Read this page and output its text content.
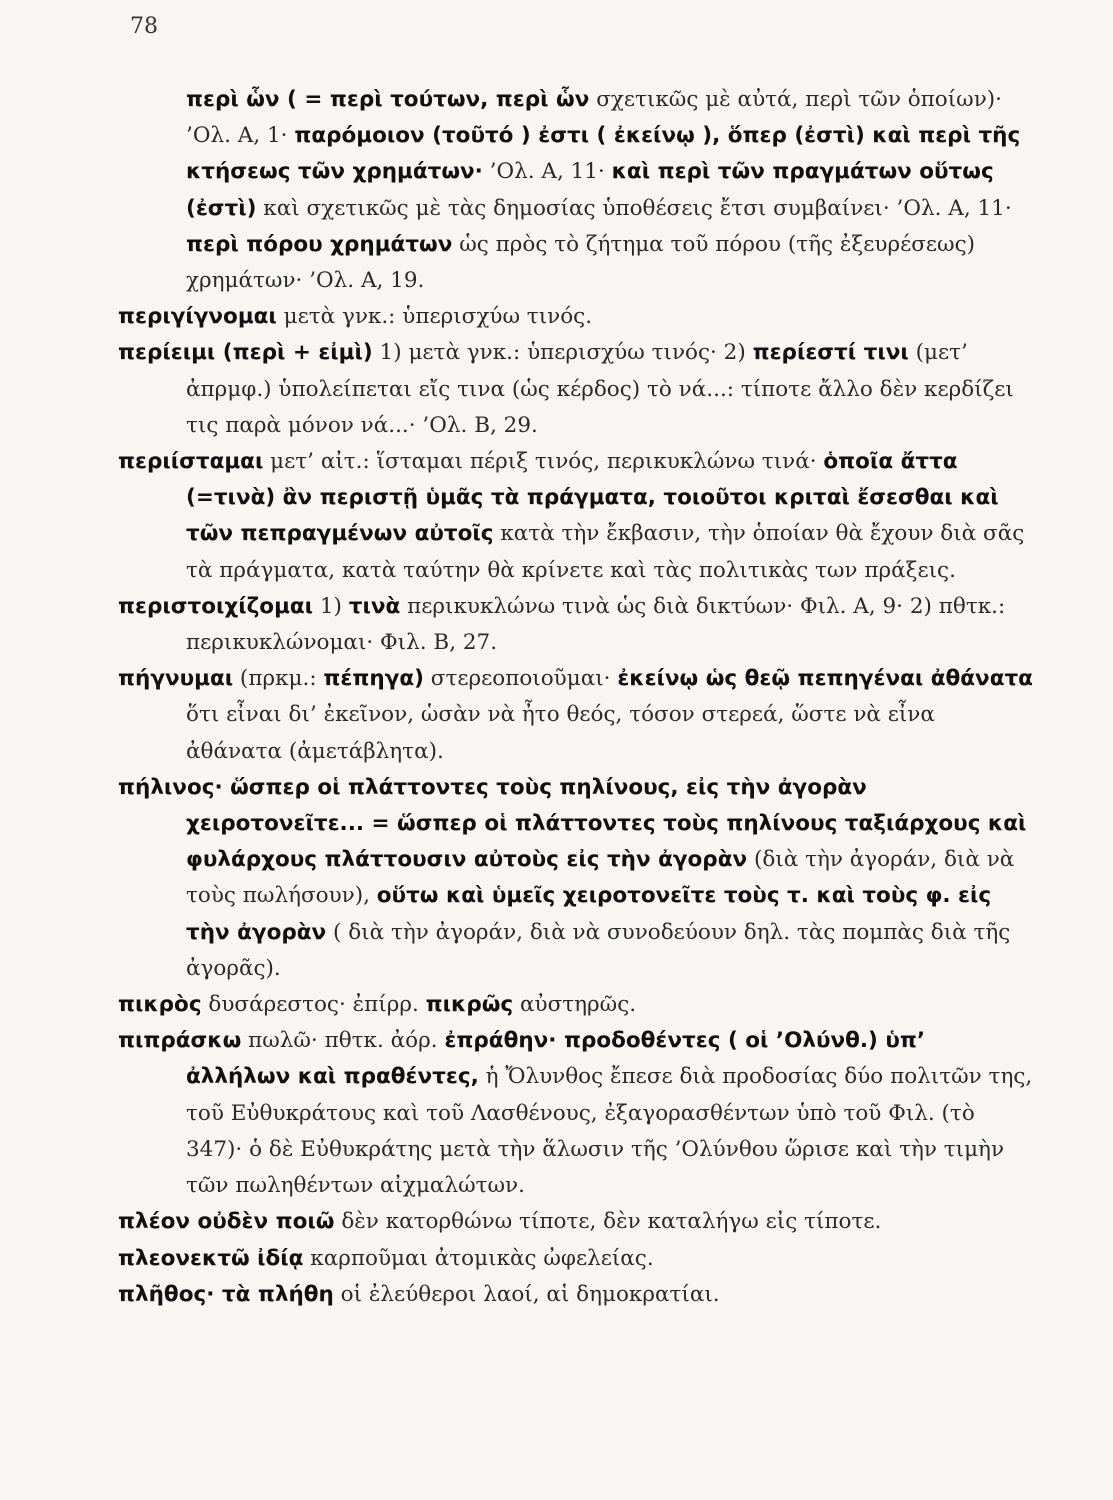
78
περὶ ὧν ( = περὶ τούτων, περὶ ὧν σχετικῶς μὲ αὐτά, περὶ τῶν ὁποίων)· ’Ολ. Α, 1· παρόμοιον (τοῦτό ) ἐστι ( ἐκείνῳ ), ὅπερ (ἐστὶ) καὶ περὶ τῆς κτήσεως τῶν χρημάτων· ’Ολ. Α, 11· καὶ περὶ τῶν πραγμάτων οὕτως (ἐστὶ) καὶ σχετικῶς μὲ τὰς δημοσίας ὑποθέσεις ἔτσι συμβαίνει· ’Ολ. Α, 11· περὶ πόρου χρημάτων ὡς πρὸς τὸ ζήτημα τοῦ πόρου (τῆς ἐξευρέσεως) χρημάτων· ’Ολ. Α, 19.
περιγίγνομαι μετὰ γνκ.: ὑπερισχύω τινός.
περίειμι (περὶ + εἰμὶ) 1) μετὰ γνκ.: ὑπερισχύω τινός· 2) περίεστί τινι (μετ’ ἀπρμφ.) ὑπολείπεται εἴς τινα (ὡς κέρδος) τὸ νά...: τίποτε ἄλλο δὲν κερδίζει τις παρὰ μόνον νά...· ’Ολ. Β, 29.
περιίσταμαι μετ’ αἰτ.: ἵσταμαι πέριξ τινός, περικυκλώνω τινά· ὁποῖα ἄττα (=τινὰ) ἂν περιστῇ ὑμᾶς τὰ πράγματα, τοιοῦτοι κριταὶ ἔσεσθαι καὶ τῶν πεπραγμένων αὐτοῖς κατὰ τὴν ἔκβασιν, τὴν ὁποίαν θὰ ἔχουν διὰ σᾶς τὰ πράγματα, κατὰ ταύτην θὰ κρίνετε καὶ τὰς πολιτικὰς των πράξεις.
περιστοιχίζομαι 1) τινὰ περικυκλώνω τινὰ ὡς διὰ δικτύων· Φιλ. Α, 9· 2) πθτκ.: περικυκλώνομαι· Φιλ. Β, 27.
πήγνυμαι (πρκμ.: πέπηγα) στερεοποιοῦμαι· ἐκείνῳ ὡς θεῷ πεπηγέναι ἀθάνατα ὅτι εἶναι δι’ ἐκεῖνον, ὡσὰν νὰ ἦτο θεός, τόσον στερεά, ὥστε νὰ εἶνα ἀθάνατα (ἀμετάβλητα).
πήλινος· ὥσπερ οἱ πλάττοντες τοὺς πηλίνους, εἰς τὴν ἀγορὰν χειροτονεῖτε... = ὥσπερ οἱ πλάττοντες τοὺς πηλίνους ταξιάρχους καὶ φυλάρχους πλάττουσιν αὐτοὺς εἰς τὴν ἀγορὰν (διὰ τὴν ἀγοράν, διὰ νὰ τοὺς πωλήσουν), οὕτω καὶ ὑμεῖς χειροτονεῖτε τοὺς τ. καὶ τοὺς φ. εἰς τὴν ἀγορὰν ( διὰ τὴν ἀγοράν, διὰ νὰ συνοδεύουν δηλ. τὰς πομπὰς διὰ τῆς ἀγορᾶς).
πικρὸς δυσάρεστος· ἐπίρρ. πικρῶς αὐστηρῶς.
πιπράσκω πωλῶ· πθτκ. ἀόρ. ἐπράθην· προδοθέντες ( οἱ ’Ολύνθ.) ὑπ’ ἀλλήλων καὶ πραθέντες, ἡ Ὄλυνθος ἔπεσε διὰ προδοσίας δύο πολιτῶν της, τοῦ Εὐθυκράτους καὶ τοῦ Λασθένους, ἐξαγορασθέντων ὑπὸ τοῦ Φιλ. (τὸ 347)· ὁ δὲ Εὐθυκράτης μετὰ τὴν ἅλωσιν τῆς ’Ολύνθου ὥρισε καὶ τὴν τιμὴν τῶν πωληθέντων αἰχμαλώτων.
πλέον οὐδὲν ποιῶ δὲν κατορθώνω τίποτε, δὲν καταλήγω εἰς τίποτε.
πλεονεκτῶ ἰδίᾳ καρποῦμαι ἀτομικὰς ὠφελείας.
πλῆθος· τὰ πλήθη οἱ ἐλεύθεροι λαοί, αἱ δημοκρατίαι.
